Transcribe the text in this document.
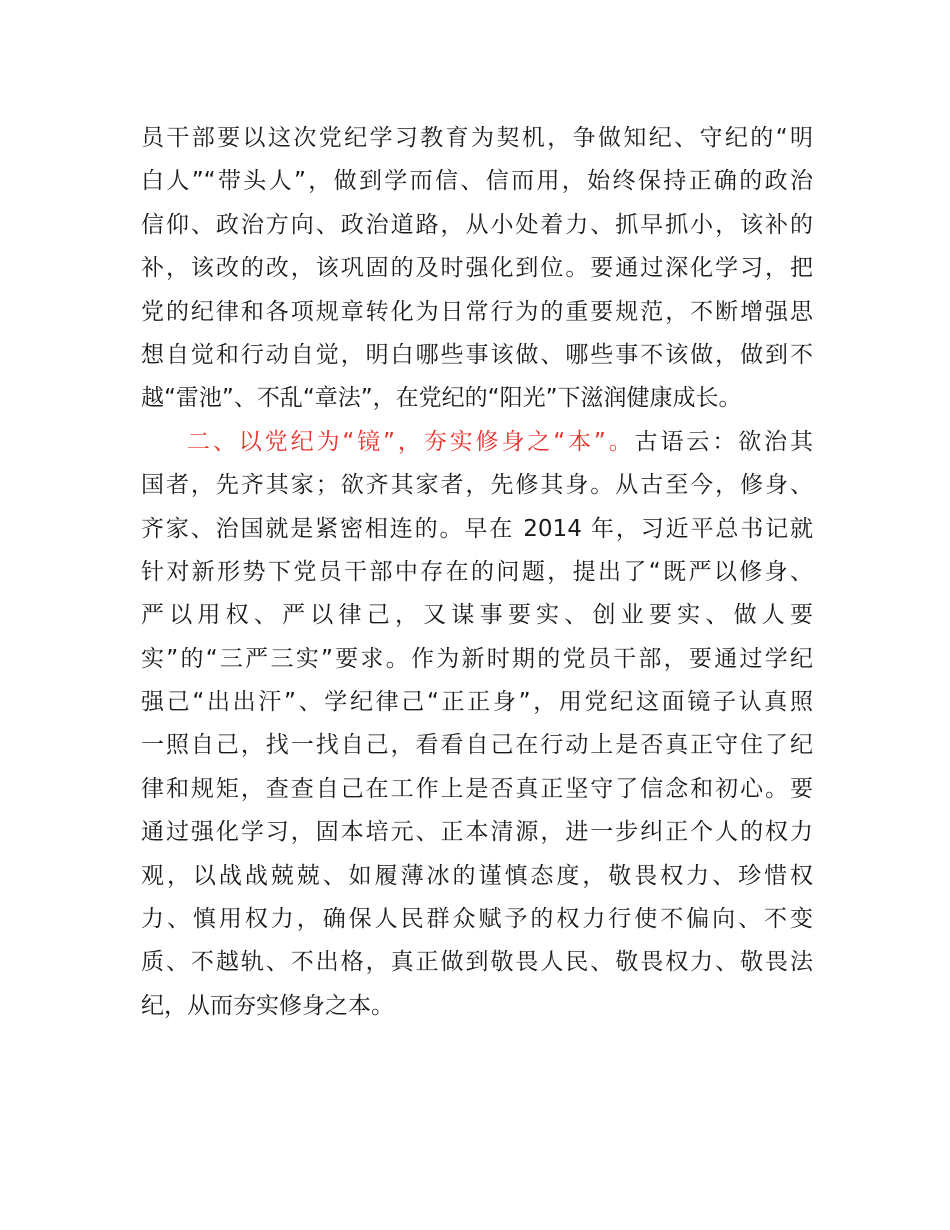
员干部要以这次党纪学习教育为契机，争做知纪、守纪的“明
白人”“带头人”，做到学而信、信而用，始终保持正确的政治
信仰、政治方向、政治道路，从小处着力、抓早抓小，该补的
补，该改的改，该巩固的及时强化到位。要通过深化学习，把
党的纪律和各项规章转化为日常行为的重要规范，不断增强思
想自觉和行动自觉，明白哪些事该做、哪些事不该做，做到不
越“雷池”、不乱“章法”，在党纪的“阳光”下滋润健康成长。
二、以党纪为“镜”，夯实修身之“本”。古语云：欲治其
国者，先齐其家；欲齐其家者，先修其身。从古至今，修身、
齐家、治国就是紧密相连的。早在 2014 年，习近平总书记就
针对新形势下党员干部中存在的问题，提出了“既严以修身、
严以用权、严以律己，又谋事要实、创业要实、做人要
实”的“三严三实”要求。作为新时期的党员干部，要通过学纪
强己“出出汗”、学纪律己“正正身”，用党纪这面镜子认真照
一照自己，找一找自己，看看自己在行动上是否真正守住了纪
律和规矩，查查自己在工作上是否真正坚守了信念和初心。要
通过强化学习，固本培元、正本清源，进一步纠正个人的权力
观，以战战兢兢、如履薄冰的谨慎态度，敬畏权力、珍惜权
力、慎用权力，确保人民群众赋予的权力行使不偏向、不变
质、不越轨、不出格，真正做到敬畏人民、敬畏权力、敬畏法
纪，从而夯实修身之本。
